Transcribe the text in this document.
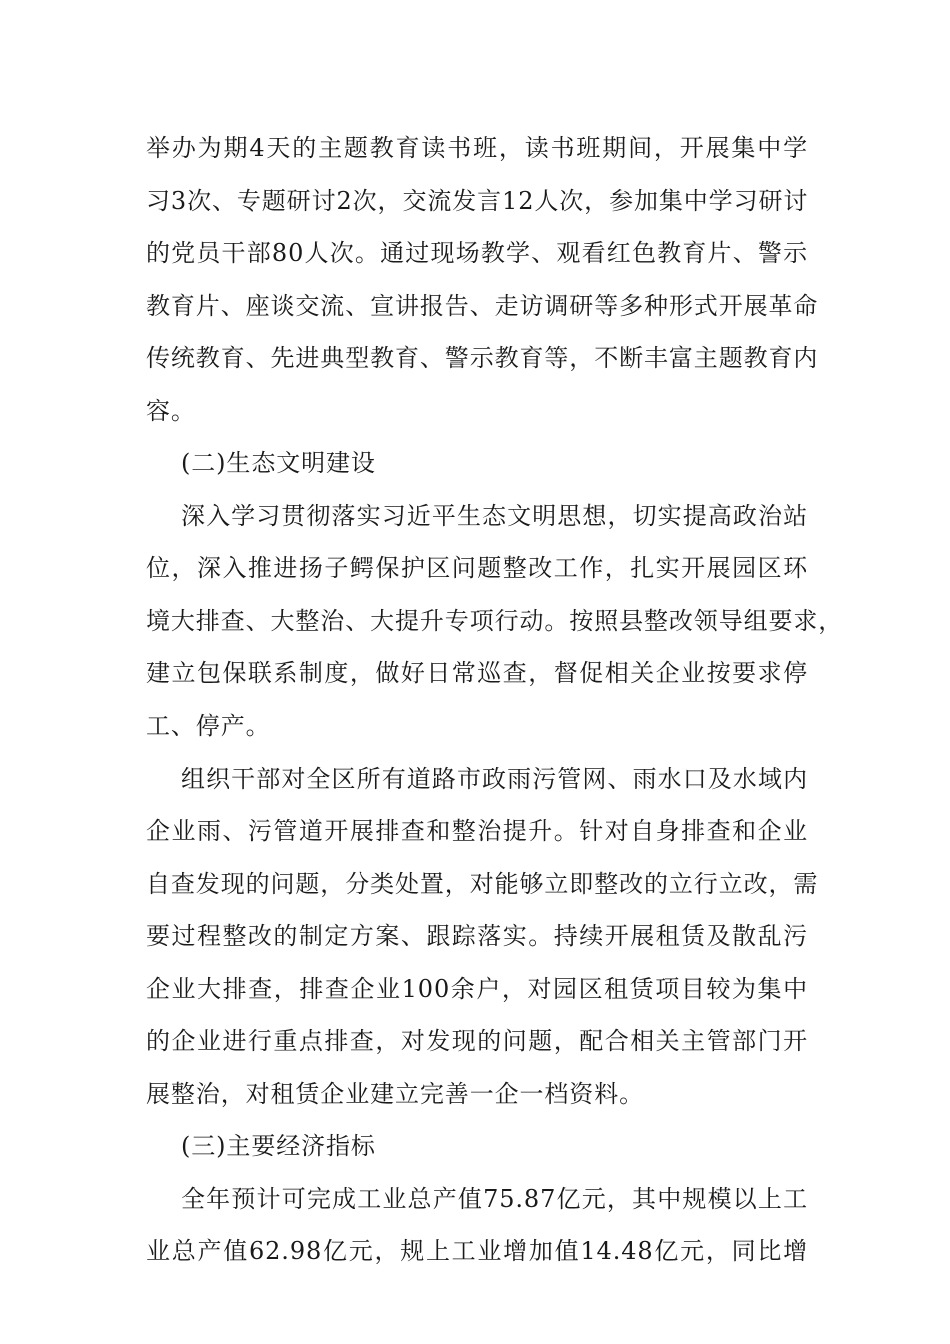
举办为期4天的主题教育读书班，读书班期间，开展集中学
习3次、专题研讨2次，交流发言12人次，参加集中学习研讨
的党员干部80人次。通过现场教学、观看红色教育片、警示
教育片、座谈交流、宣讲报告、走访调研等多种形式开展革命
传统教育、先进典型教育、警示教育等，不断丰富主题教育内
容。
(二)生态文明建设
深入学习贯彻落实习近平生态文明思想，切实提高政治站
位，深入推进扬子鳄保护区问题整改工作，扎实开展园区环
境大排查、大整治、大提升专项行动。按照县整改领导组要求，
建立包保联系制度，做好日常巡查，督促相关企业按要求停
工、停产。
组织干部对全区所有道路市政雨污管网、雨水口及水域内
企业雨、污管道开展排查和整治提升。针对自身排查和企业
自查发现的问题，分类处置，对能够立即整改的立行立改，需
要过程整改的制定方案、跟踪落实。持续开展租赁及散乱污
企业大排查，排查企业100余户，对园区租赁项目较为集中
的企业进行重点排查，对发现的问题，配合相关主管部门开
展整治，对租赁企业建立完善一企一档资料。
(三)主要经济指标
全年预计可完成工业总产值75.87亿元，其中规模以上工
业总产值62.98亿元，规上工业增加值14.48亿元，同比增
